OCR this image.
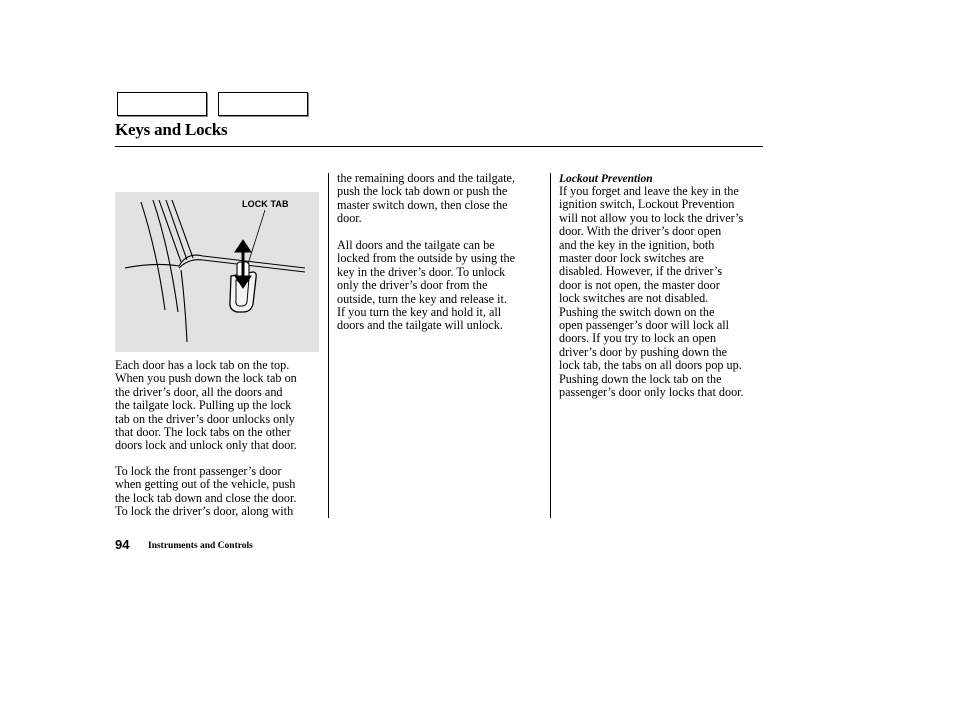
Keys and Locks
LOCK TAB

Each door has a lock tab on the top.
When you push down the lock tab on
the driver’s door, all the doors and
the tailgate lock. Pulling up the lock
tab on the driver’s door unlocks only
that door. The lock tabs on the other
doors lock and unlock only that door.

To lock the front passenger’s door
when getting out of the vehicle, push
the lock tab down and close the door.
To lock the driver’s door, along with

the remaining doors and the tailgate,
push the lock tab down or push the
master switch down, then close the
door.

All doors and the tailgate can be
locked from the outside by using the
key in the driver’s door. To unlock
only the driver’s door from the
outside, turn the key and release it.
If you turn the key and hold it, all
doors and the tailgate will unlock.

Lockout Prevention

If you forget and leave the key in the
ignition switch, Lockout Prevention
will not allow you to lock the driver’s
door. With the driver’s door open
and the key in the ignition, both
master door lock switches are
disabled. However, if the driver’s
door is not open, the master door
lock switches are not disabled.
Pushing the switch down on the
open passenger’s door will lock all
doors. If you try to lock an open
driver’s door by pushing down the
lock tab, the tabs on all doors pop up.
Pushing down the lock tab on the
passenger’s door only locks that door.

94 Instruments and Controls
